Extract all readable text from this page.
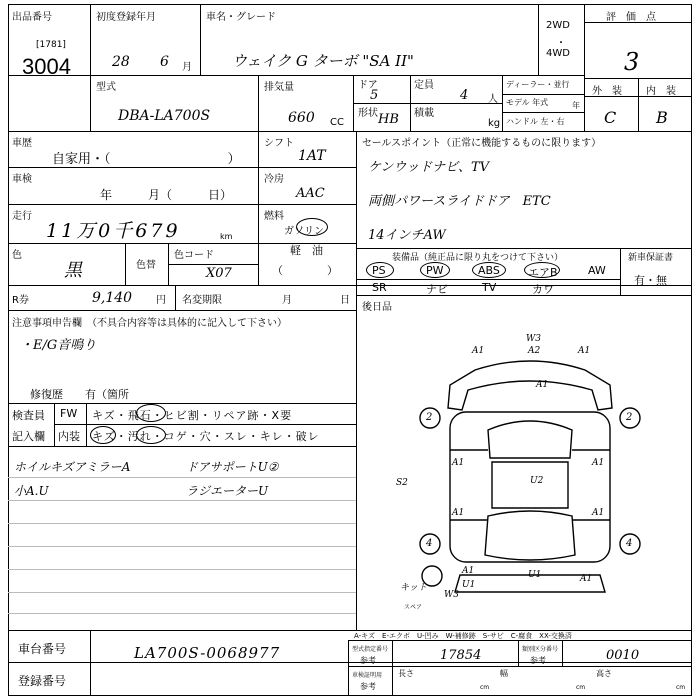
出品番号
[1781]
3004
初度登録年月
28 6 月
車名・グレード
ウェイク G ターボ "SA II"
2WD
・
4WD
評　価　点
3
型式
DBA-LA700S
排気量
660 CC
ドア
5
定員
4 人
形状 HB 積載
kg
ディーラー・並行
モデル 年式	年
ハンドル 左・右
外　装 内　装
C B
車歴
自家用・（　　　　　　　　　）
シフト
1AT
車検
年　　　月（　　　日）
冷房
AAC
走行
11万0千679	km
燃料
ガソリン
軽　油
（　　　　）
色
黒	色替
色コード
X07
R券	9,140 円 名変期限	月	日
セールスポイント（正常に機能するものに限ります）
ケンウッドナビ、TV
両側パワースライドドア　ETC
14インチAW
装備品（純正品に限り丸をつけて下さい）	新車保証書
PS	PW	ABS	エアB	AW
SR	ナビ	TV	カワ
有・無
後日品
注意事項申告欄　（不具合内容等は具体的に記入して下さい）
・E/G音鳴り
修復歴　　有（箇所
検査員
記入欄
FW キズ・飛石・ヒビ割・リペア跡・X要
内装 キズ・汚れ・コゲ・穴・スレ・キレ・破レ
ホイルキズアミラーA
小A.U
ドアサポートU②
ラジエーターU
W3
A1	A2	A1
A1
2	2
A1	A1
U2
A1	A1
S2
4	4
U1
A1
U1
A1
W3
キット
スペア
A-キズ　E-エクボ　U-凹み　W-補修跡　S-サビ　C-腐食　XX-交換済
車台番号	LA700S-0068977
登録番号
型式指定番号
参考	17854	類別区分番号
参考	0010
車検証明用
参考
長さ
cm
幅
cm
高さ
cm
